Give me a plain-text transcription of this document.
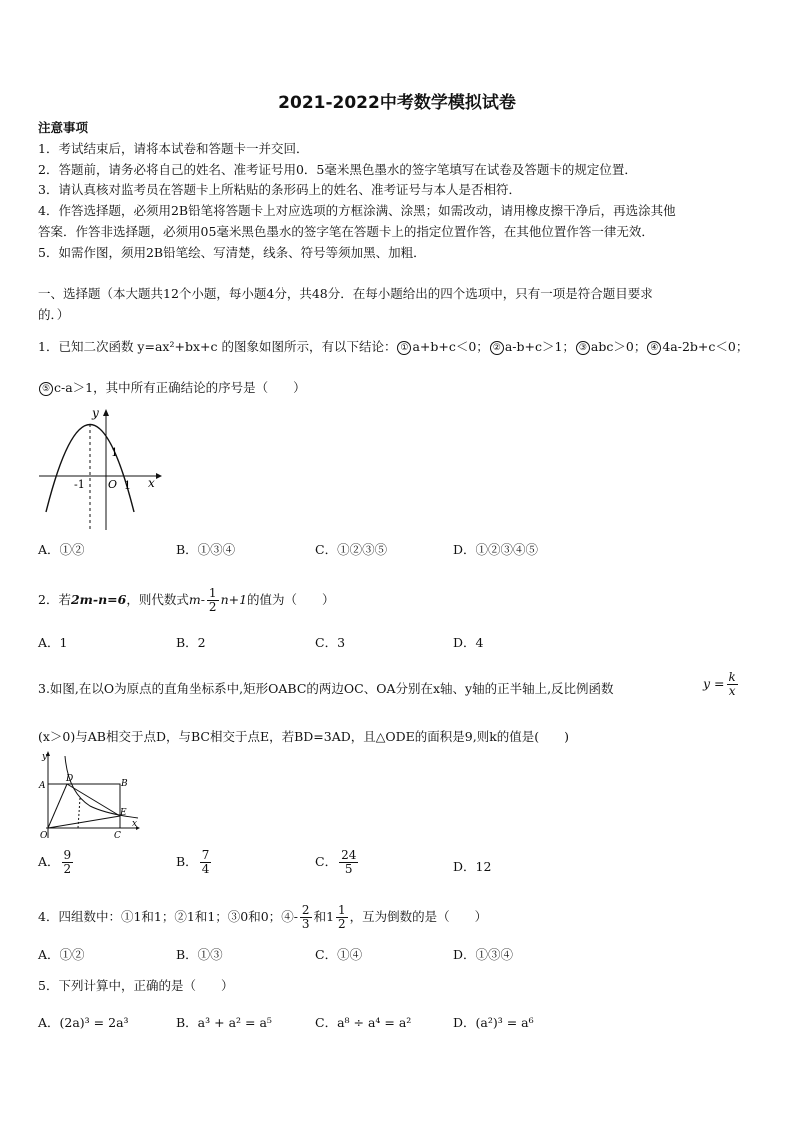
2021-2022中考数学模拟试卷
注意事项
1．考试结束后，请将本试卷和答题卡一并交回．
2．答题前，请务必将自己的姓名、准考证号用0．5毫米黑色墨水的签字笔填写在试卷及答题卡的规定位置．
3．请认真核对监考员在答题卡上所粘贴的条形码上的姓名、准考证号与本人是否相符．
4．作答选择题，必须用2B铅笔将答题卡上对应选项的方框涂满、涂黑；如需改动，请用橡皮擦干净后，再选涂其他
答案．作答非选择题，必须用05毫米黑色墨水的签字笔在答题卡上的指定位置作答，在其他位置作答一律无效．
5．如需作图，须用2B铅笔绘、写清楚，线条、符号等须加黑、加粗．
一、选择题（本大题共12个小题，每小题4分，共48分．在每小题给出的四个选项中，只有一项是符合题目要求
的．）
1．已知二次函数 y=ax²+bx+c 的图象如图所示，有以下结论： ① a+b+c＜0； ② a-b+c＞1； ③ abc＞0； ④ 4a-2b+c＜0；
⑤ c-a＞1，其中所有正确结论的序号是（　　）
y
x
-1 O 1
1
A．①②	B．①③④	C．①②③⑤	D．①②③④⑤
2．若2m-n=6，则代数式$m- \frac{1}{2} n+1$的值为（　　）
A．1	B．2	C．3	D．4
3.如图,在以O为原点的直角坐标系中,矩形OABC的两边OC、OA分别在x轴、y轴的正半轴上,反比例函数	$y = \frac{k}{x}$
(x＞0)与AB相交于点D，与BC相交于点E，若BD=3AD，且△ODE的面积是9,则k的值是(　　)
y
x
A	B
C
D
E
O
A． $\frac{9}{2}$	B． $\frac{7}{4}$	C． $\frac{24}{5}$	D．12
4．四组数中：①1和1；②1和1；③0和0；④- $\frac{2}{3}$ 和$1 \frac{1}{2}$ ，互为倒数的是（　　）
A．①②	B．①③	C．①④	D．①③④
5．下列计算中，正确的是（　　）
A．(2a)³ = 2a³	B．a³ + a² = a⁵	C．a⁸ ÷ a⁴ = a²	D．(a²)³ = a⁶
